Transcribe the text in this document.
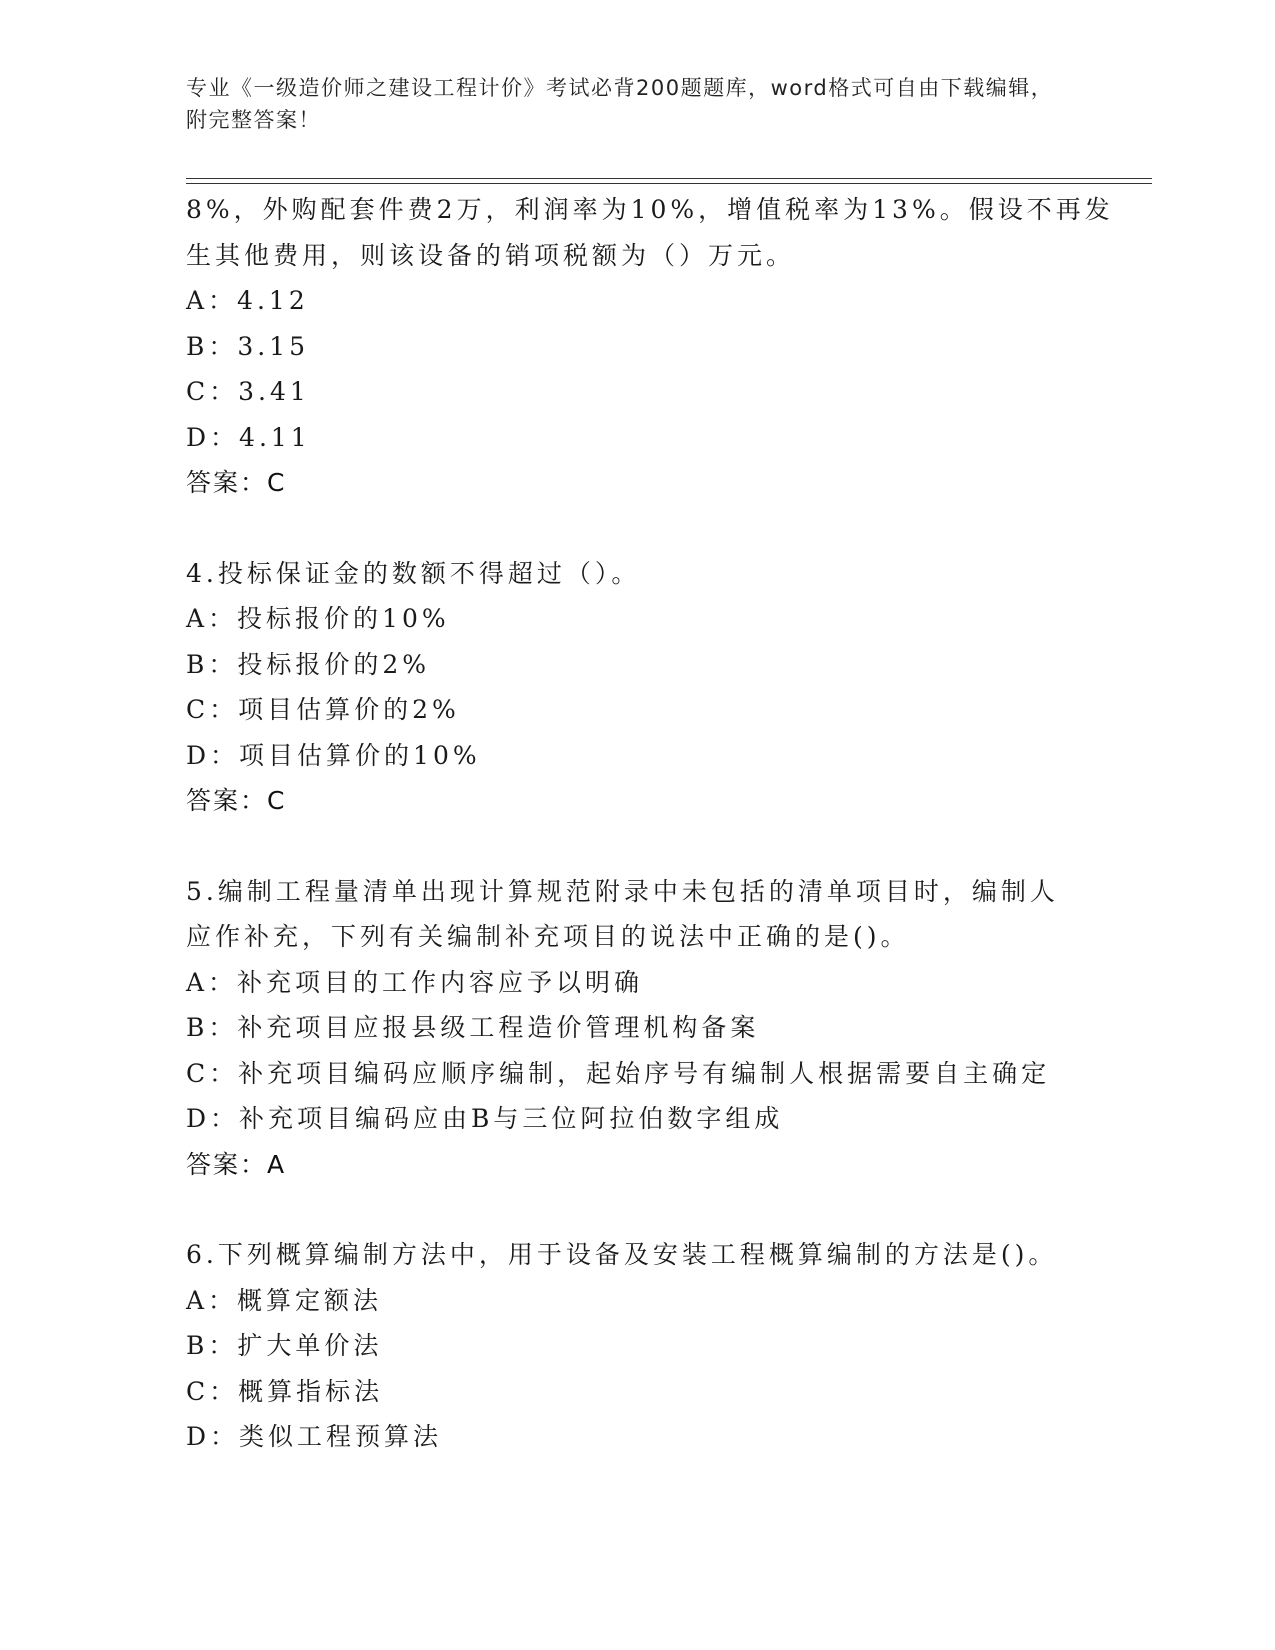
专业《一级造价师之建设工程计价》考试必背200题题库，word格式可自由下载编辑，附完整答案！
8%，外购配套件费2万，利润率为10%，增值税率为13%。假设不再发
生其他费用，则该设备的销项税额为（）万元。
A：4.12
B：3.15
C：3.41
D：4.11
答案：C
4.投标保证金的数额不得超过（）。
A：投标报价的10%
B：投标报价的2%
C：项目估算价的2%
D：项目估算价的10%
答案：C
5.编制工程量清单出现计算规范附录中未包括的清单项目时，编制人
应作补充，下列有关编制补充项目的说法中正确的是()。
A：补充项目的工作内容应予以明确
B：补充项目应报县级工程造价管理机构备案
C：补充项目编码应顺序编制，起始序号有编制人根据需要自主确定
D：补充项目编码应由B与三位阿拉伯数字组成
答案：A
6.下列概算编制方法中，用于设备及安装工程概算编制的方法是()。
A：概算定额法
B：扩大单价法
C：概算指标法
D：类似工程预算法
